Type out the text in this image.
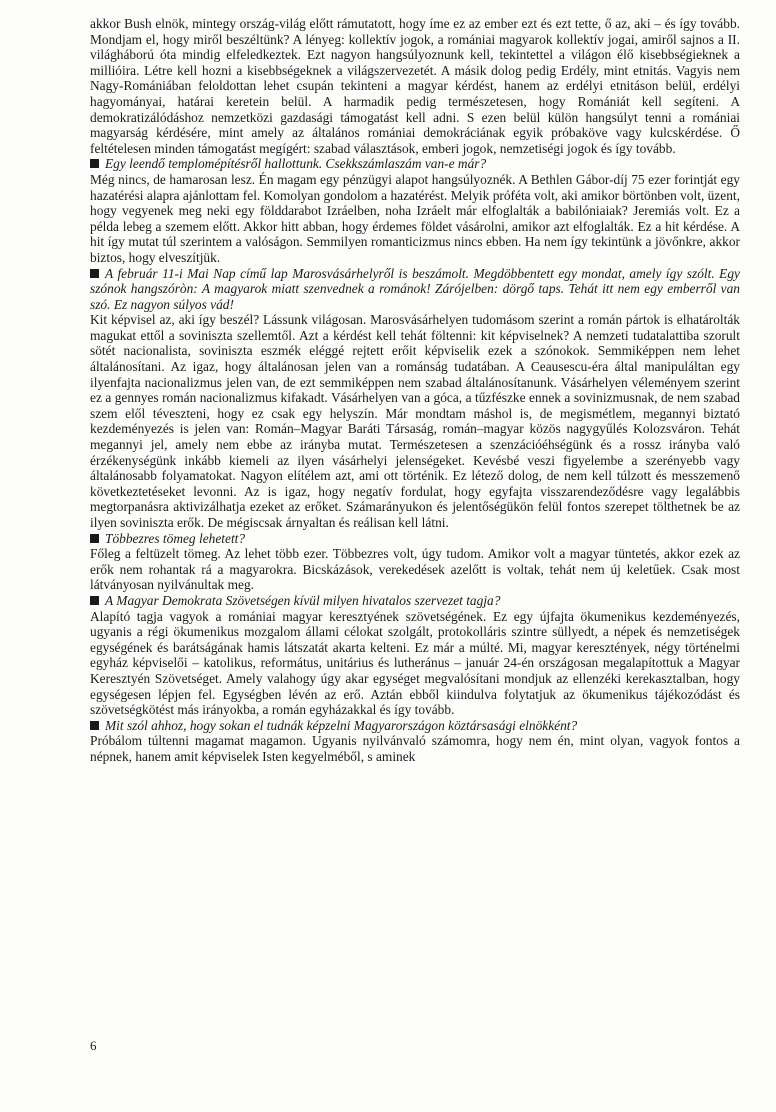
akkor Bush elnök, mintegy ország-világ előtt rámutatott, hogy íme ez az ember ezt és ezt tette, ő az, aki – és így tovább. Mondjam el, hogy miről beszéltünk? A lényeg: kollektív jogok, a romániai magyarok kollektív jogai, amiről sajnos a II. világháború óta mindig elfeledkeztek. Ezt nagyon hangsúlyoznunk kell, tekintettel a világon élő kisebbségieknek a millióira. Létre kell hozni a kisebbségeknek a világszervezetét. A másik dolog pedig Erdély, mint etnitás. Vagyis nem Nagy-Romániában feloldottan lehet csupán tekinteni a magyar kérdést, hanem az erdélyi etnitáson belül, erdélyi hagyományai, határai keretein belül. A harmadik pedig természetesen, hogy Romániát kell segíteni. A demokratizálódáshoz nemzetközi gazdasági támogatást kell adni. S ezen belül külön hangsúlyt tenni a romániai magyarság kérdésére, mint amely az általános romániai demokráciának egyik próbaköve vagy kulcskérdése. Ő feltételesen minden támogatást megígért: szabad választások, emberi jogok, nemzetiségi jogok és így tovább.

Egy leendő templomépítésről hallottunk. Csekkszámlaszám van-e már?

Még nincs, de hamarosan lesz. Én magam egy pénzügyi alapot hangsúlyoznék. A Bethlen Gábor-díj 75 ezer forintját egy hazatérési alapra ajánlottam fel. Komolyan gondolom a hazatérést. Melyik próféta volt, aki amikor börtönben volt, üzent, hogy vegyenek meg neki egy földdarabot Izráelben, noha Izráelt már elfoglalták a babilóniaiak? Jeremiás volt. Ez a példa lebeg a szemem előtt. Akkor hitt abban, hogy érdemes földet vásárolni, amikor azt elfoglalták. Ez a hit kérdése. A hit így mutat túl szerintem a valóságon. Semmilyen romanticizmus nincs ebben. Ha nem így tekintünk a jövőnkre, akkor biztos, hogy elveszítjük.

A február 11-i Mai Nap című lap Marosvásárhelyről is beszámolt. Megdöbbentett egy mondat, amely így szólt. Egy szónok hangszóròn: A magyarok miatt szenvednek a románok! Zárójelben: dörgő taps. Tehát itt nem egy emberről van szó. Ez nagyon súlyos vád!

Kit képvisel az, aki így beszél? Lássunk világosan. Marosvásárhelyen tudomásom szerint a román pártok is elhatárolták magukat ettől a soviniszta szellemtől. Azt a kérdést kell tehát föltenni: kit képviselnek? A nemzeti tudatalattiba szorult sötét nacionalista, soviniszta eszmék eléggé rejtett erőit képviselik ezek a szónokok. Semmiképpen nem lehet általánosítani. Az igaz, hogy általánosan jelen van a románság tudatában. A Ceausescu-éra által manipuláltan egy ilyenfajta nacionalizmus jelen van, de ezt semmiképpen nem szabad általánosítanunk. Vásárhelyen véleményem szerint ez a gennyes román nacionalizmus kifakadt. Vásárhelyen van a góca, a tűzfészke ennek a sovinizmusnak, de nem szabad szem elől téveszteni, hogy ez csak egy helyszín. Már mondtam máshol is, de megismétlem, megannyi biztató kezdeményezés is jelen van: Román–Magyar Baráti Társaság, román–magyar közös nagygyűlés Kolozsváron. Tehát megannyi jel, amely nem ebbe az irányba mutat. Természetesen a szenzációéhségünk és a rossz irányba való érzékenységünk inkább kiemeli az ilyen vásárhelyi jelenségeket. Kevésbé veszi figyelembe a szerényebb vagy általánosabb folyamatokat. Nagyon elítélem azt, ami ott történik. Ez létező dolog, de nem kell túlzott és messzemenő következtetéseket levonni. Az is igaz, hogy negatív fordulat, hogy egyfajta visszarendeződésre vagy legalábbis megtorpanásra aktivizálhatja ezeket az erőket. Számarányukon és jelentőségükön felül fontos szerepet tölthetnek be az ilyen soviniszta erők. De mégiscsak árnyaltan és reálisan kell látni.

Többezres tömeg lehetett?

Főleg a feltüzelt tömeg. Az lehet több ezer. Többezres volt, úgy tudom. Amikor volt a magyar tüntetés, akkor ezek az erők nem rohantak rá a magyarokra. Bicskázások, verekedések azelőtt is voltak, tehát nem új keletűek. Csak most látványosan nyilvánultak meg.

A Magyar Demokrata Szövetségen kívül milyen hivatalos szervezet tagja?

Alapító tagja vagyok a romániai magyar keresztyének szövetségének. Ez egy újfajta ökumenikus kezdeményezés, ugyanis a régi ökumenikus mozgalom állami célokat szolgált, protokolláris szintre süllyedt, a népek és nemzetiségek egységének és barátságának hamis látszatát akarta kelteni. Ez már a múlté. Mi, magyar keresztények, négy történelmi egyház képviselői – katolikus, református, unitárius és lutheránus – január 24-én országosan megalapítottuk a Magyar Keresztyén Szövetséget. Amely valahogy úgy akar egységet megvalósítani mondjuk az ellenzéki kerekasztalban, hogy egységesen lépjen fel. Egységben lévén az erő. Aztán ebből kiindulva folytatjuk az ökumenikus tájékozódást és szövetségkötést más irányokba, a román egyházakkal és így tovább.

Mit szól ahhoz, hogy sokan el tudnák képzelni Magyarországon köztársasági elnökként?

Próbálom túltenni magamat magamon. Ugyanis nyilvánvaló számomra, hogy nem én, mint olyan, vagyok fontos a népnek, hanem amit képviselek Isten kegyelméből, s aminek

6
